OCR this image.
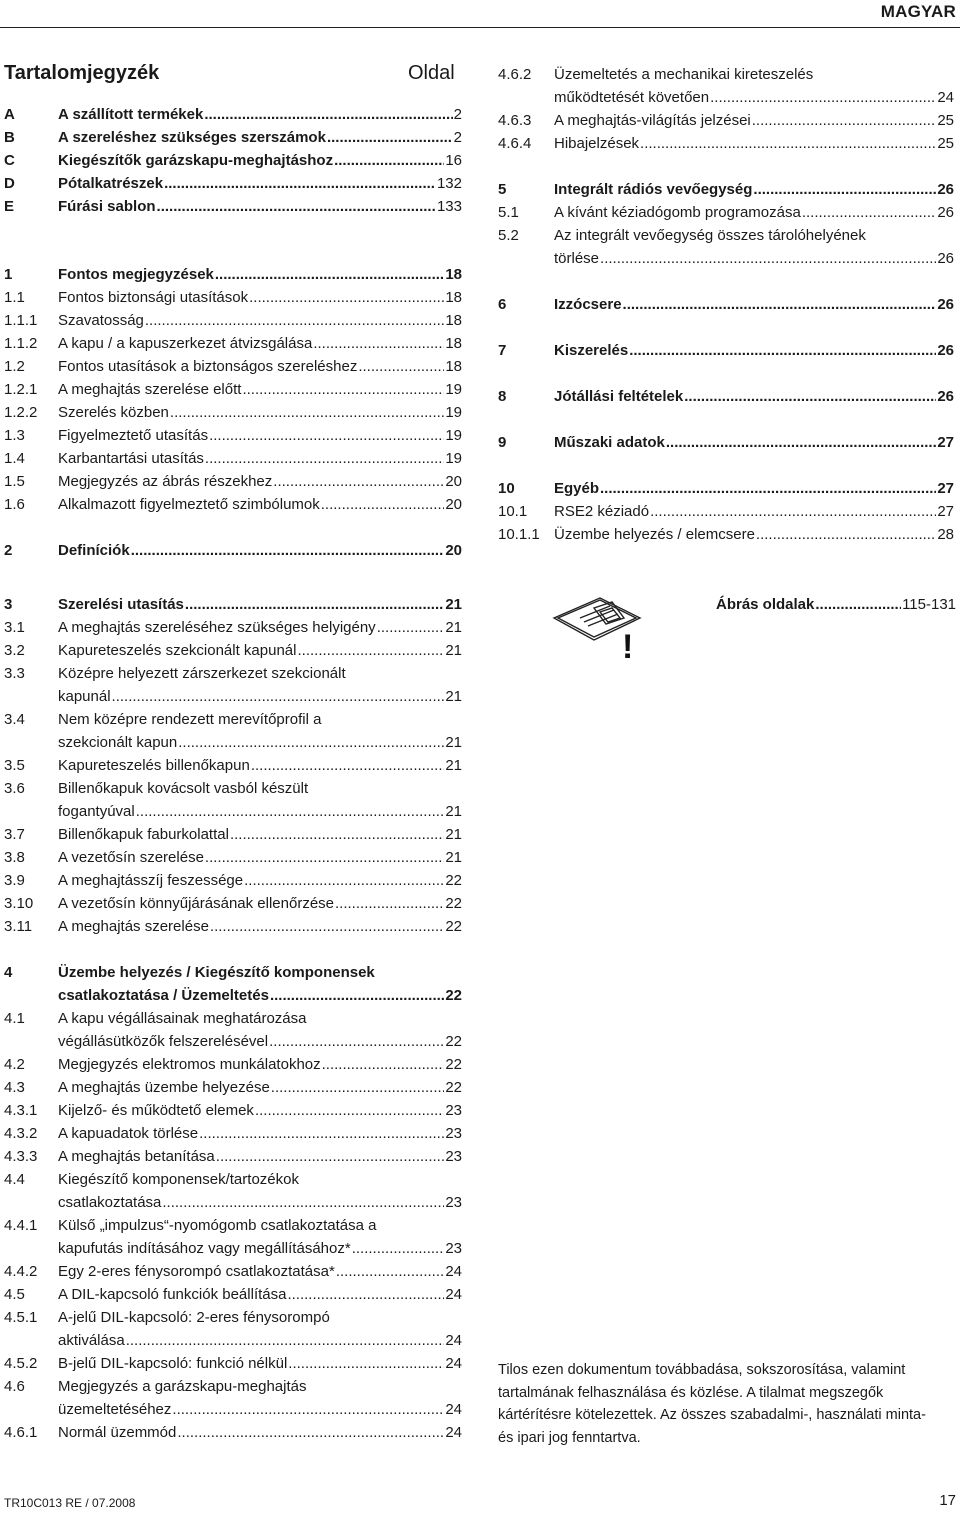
MAGYAR
Tartalomjegyzék	Oldal
A	A szállított termékek .....	2
B	A szereléshez szükséges szerszámok .....	2
C	Kiegészítők garázskapu-meghajtáshoz .....	16
D	Pótalkatrészek .....	132
E	Fúrási sablon .....	133
1	Fontos megjegyzések .....	18
1.1	Fontos biztonsági utasítások .....	18
1.1.1	Szavatosság .....	18
1.1.2	A kapu / a kapuszerkezet átvizsgálása .....	18
1.2	Fontos utasítások a biztonságos szereléshez .....	18
1.2.1	A meghajtás szerelése előtt .....	19
1.2.2	Szerelés közben .....	19
1.3	Figyelmeztető utasítás .....	19
1.4	Karbantartási utasítás .....	19
1.5	Megjegyzés az ábrás részekhez .....	20
1.6	Alkalmazott figyelmeztető szimbólumok .....	20
2	Definíciók .....	20
3	Szerelési utasítás .....	21
3.1	A meghajtás szereléséhez szükséges helyigény .....	21
3.2	Kapureteszelés szekcionált kapunál .....	21
3.3 Középre helyezett zárszerkezet szekcionált
kapunál .....	21
3.4 Nem középre rendezett merevítőprofil a
szekcionált kapun .....	21
3.5	Kapureteszelés billenőkapun .....	21
3.6 Billenőkapuk kovácsolt vasból készült
fogantyúval .....	21
3.7	Billenőkapuk faburkolattal .....	21
3.8	A vezetősín szerelése .....	21
3.9	A meghajtásszíj feszessége .....	22
3.10	A vezetősín könnyűjárásának ellenőrzése .....	22
3.11	A meghajtás szerelése .....	22
4	Üzembe helyezés / Kiegészítő komponensek
csatlakoztatása / Üzemeltetés .....	22
4.1 A kapu végállásainak meghatározása
végállásütközők felszerelésével .....	22
4.2	Megjegyzés elektromos munkálatokhoz .....	22
4.3	A meghajtás üzembe helyezése .....	22
4.3.1	Kijelző- és működtető elemek .....	23
4.3.2	A kapuadatok törlése .....	23
4.3.3	A meghajtás betanítása .....	23
4.4 Kiegészítő komponensek/tartozékok
csatlakoztatása .....	23
4.4.1 Külső „impulzus“-nyomógomb csatlakoztatása a
kapufutás indításához vagy megállításához* .....	23
4.4.2	Egy 2-eres fénysorompó csatlakoztatása* .....	24
4.5	A DIL-kapcsoló funkciók beállítása .....	24
4.5.1 A-jelű DIL-kapcsoló: 2-eres fénysorompó
aktiválása .....	24
4.5.2	B-jelű DIL-kapcsoló: funkció nélkül .....	24
4.6 Megjegyzés a garázskapu-meghajtás
üzemeltetéséhez .....	24
4.6.1	Normál üzemmód .....	24
4.6.2 Üzemeltetés a mechanikai kireteszelés
működtetését követően .....	24
4.6.3	A meghajtás-világítás jelzései .....	25
4.6.4	Hibajelzések .....	25
5	Integrált rádiós vevőegység .....	26
5.1	A kívánt kéziadógomb programozása .....	26
5.2 Az integrált vevőegység összes tárolóhelyének
törlése .....	26
6	Izzócsere .....	26
7	Kiszerelés .....	26
8	Jótállási feltételek .....	26
9	Műszaki adatok .....	27
10	Egyéb .....	27
10.1	RSE2 kéziadó .....	27
10.1.1 Üzembe helyezés / elemcsere .....	28
!
Ábrás oldalak .....	115-131
Tilos ezen dokumentum továbbadása, sokszorosítása, valamint tartalmának felhasználása és közlése. A tilalmat megszegők kártérítésre kötelezettek. Az összes szabadalmi-, használati minta- és ipari jog fenntartva.
TR10C013 RE / 07.2008	17
